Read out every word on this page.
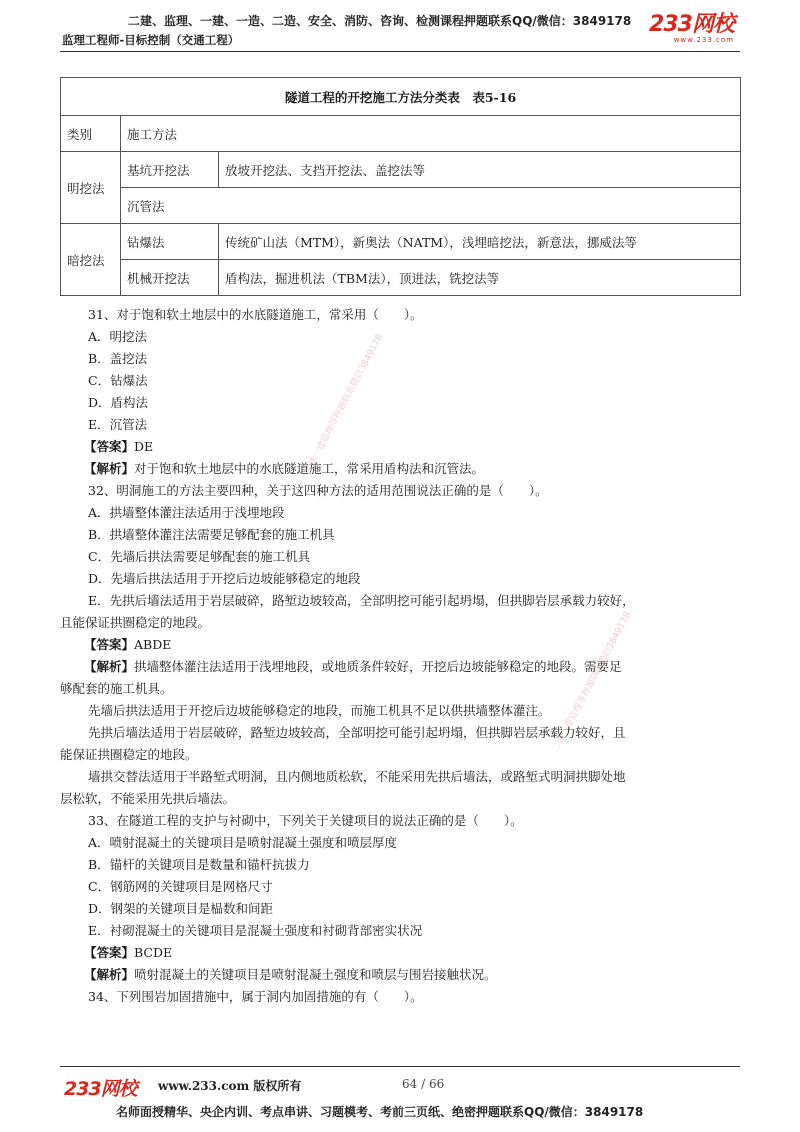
二建、监理、一建、一造、二造、安全、消防、咨询、检测课程押题联系QQ/微信：3849178
监理工程师-目标控制（交通工程）
233网校
www.233.com
隧道工程的开挖施工方法分类表　表5-16		
类别	施工方法	
明挖法	基坑开挖法	放坡开挖法、支挡开挖法、盖挖法等
	沉管法	
暗挖法	钻爆法	传统矿山法（MTM），新奥法（NATM），浅埋暗挖法，新意法，挪威法等
	机械开挖法	盾构法，掘进机法（TBM法），顶进法，铣挖法等

31、对于饱和软土地层中的水底隧道施工，常采用（　　）。

A．明挖法

B．盖挖法

C．钻爆法

D．盾构法

E．沉管法

【答案】DE

【解析】对于饱和软土地层中的水底隧道施工，常采用盾构法和沉管法。

32、明洞施工的方法主要四种，关于这四种方法的适用范围说法正确的是（　　）。

A．拱墙整体灌注法适用于浅埋地段

B．拱墙整体灌注法需要足够配套的施工机具

C．先墙后拱法需要足够配套的施工机具

D．先墙后拱法适用于开挖后边坡能够稳定的地段

E．先拱后墙法适用于岩层破碎，路堑边坡较高，全部明挖可能引起坍塌，但拱脚岩层承载力较好，

且能保证拱圈稳定的地段。

【答案】ABDE

【解析】拱墙整体灌注法适用于浅埋地段，或地质条件较好，开挖后边坡能够稳定的地段。需要足

够配套的施工机具。

先墙后拱法适用于开挖后边坡能够稳定的地段，而施工机具不足以供拱墙整体灌注。

先拱后墙法适用于岩层破碎，路堑边坡较高，全部明挖可能引起坍塌，但拱脚岩层承载力较好，且

能保证拱圈稳定的地段。

墙拱交替法适用于半路堑式明洞，且内侧地质松软，不能采用先拱后墙法，或路堑式明洞拱脚处地

层松软，不能采用先拱后墙法。

33、在隧道工程的支护与衬砌中，下列关于关键项目的说法正确的是（　　）。

A．喷射混凝土的关键项目是喷射混凝土强度和喷层厚度

B．锚杆的关键项目是数量和锚杆抗拔力

C．钢筋网的关键项目是网格尺寸

D．钢架的关键项目是榀数和间距

E．衬砌混凝土的关键项目是混凝土强度和衬砌背部密实状况

【答案】BCDE

【解析】喷射混凝土的关键项目是喷射混凝土强度和喷层与围岩接触状况。

34、下列围岩加固措施中，属于洞内加固措施的有（　　）。

二建一建监理等押题联系微信3849178
二建一建监理等押题联系微信3849178
233网校 www.233.com 版权所有	64 / 66
名师面授精华、央企内训、考点串讲、习题模考、考前三页纸、绝密押题联系QQ/微信：3849178
